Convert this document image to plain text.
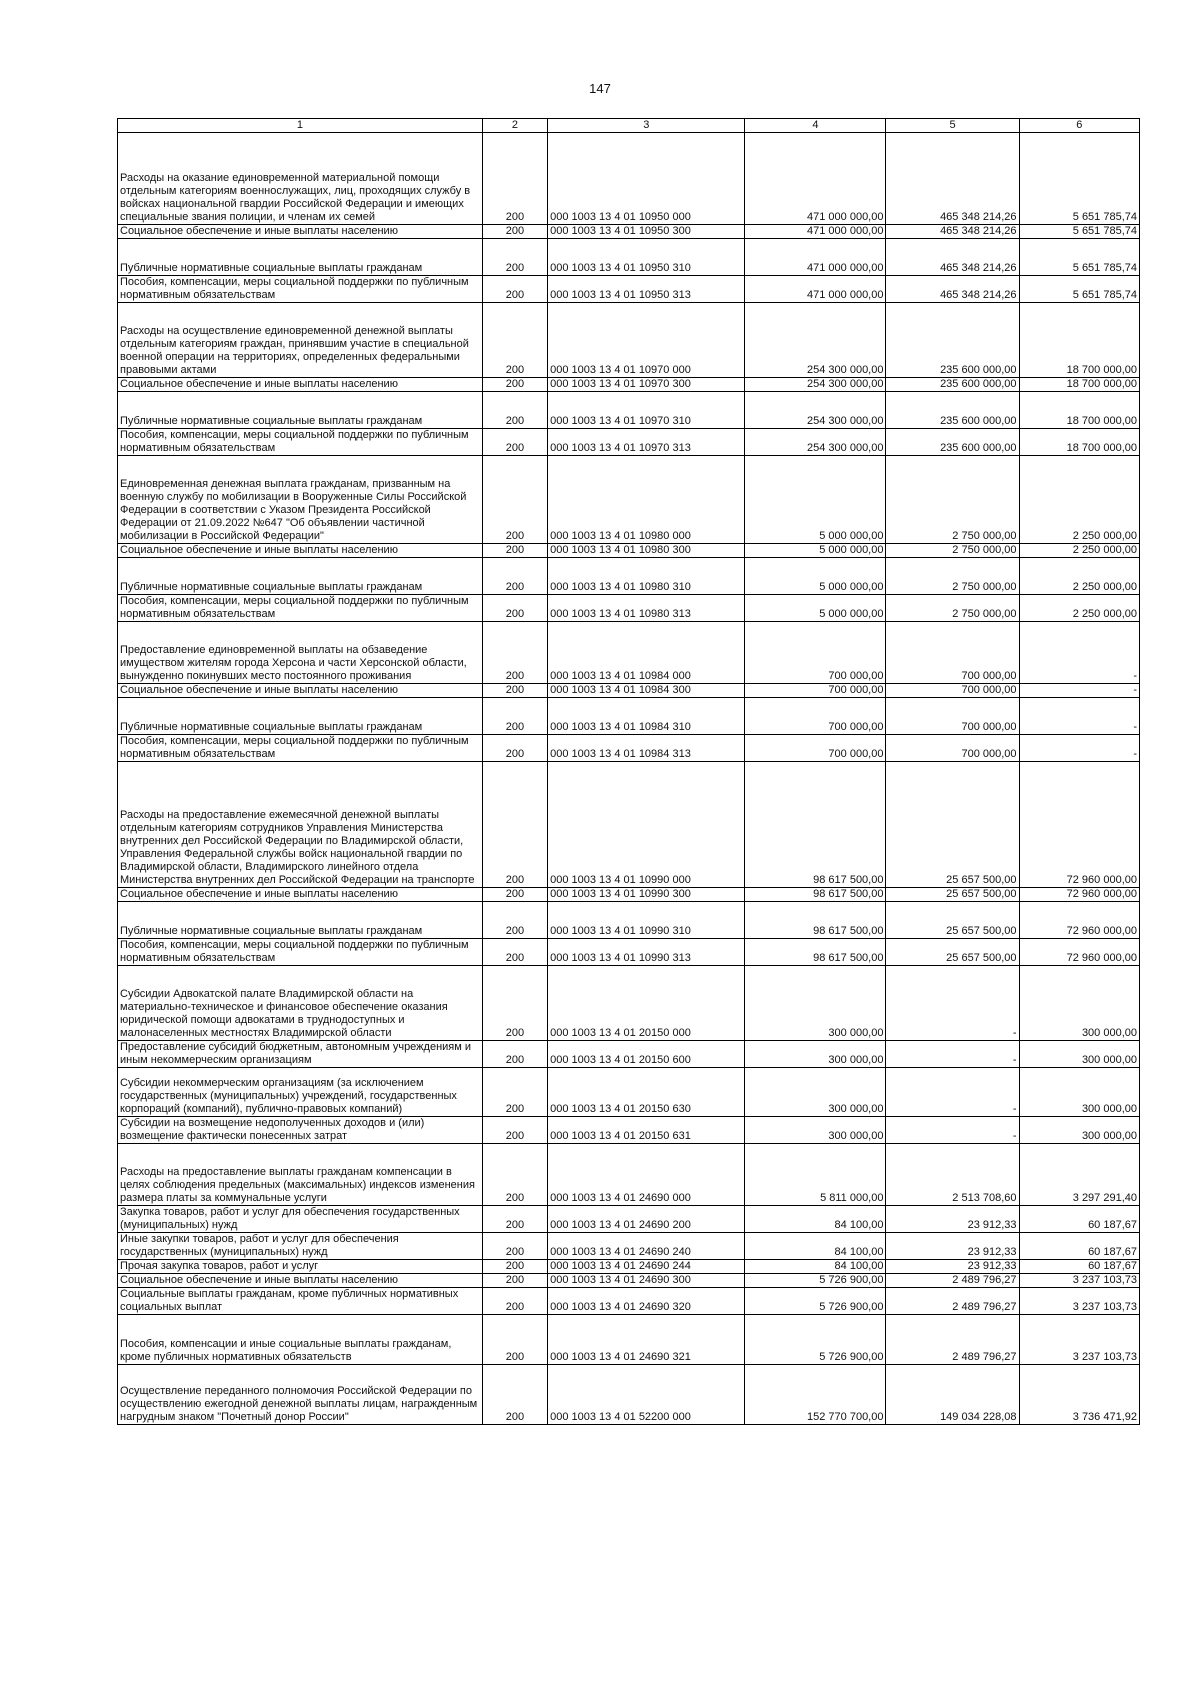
147
1	2	3	4	5	6
Расходы на оказание единовременной материальной помощи отдельным категориям военнослужащих, лиц, проходящих службу в войсках национальной гвардии Российской Федерации и имеющих специальные звания полиции, и членам их семей	200	000 1003 13 4 01 10950 000	471 000 000,00	465 348 214,26	5 651 785,74
Социальное обеспечение и иные выплаты населению	200	000 1003 13 4 01 10950 300	471 000 000,00	465 348 214,26	5 651 785,74
Публичные нормативные социальные выплаты гражданам	200	000 1003 13 4 01 10950 310	471 000 000,00	465 348 214,26	5 651 785,74
Пособия, компенсации, меры социальной поддержки по публичным нормативным обязательствам	200	000 1003 13 4 01 10950 313	471 000 000,00	465 348 214,26	5 651 785,74
Расходы на осуществление единовременной денежной выплаты отдельным категориям граждан, принявшим участие в специальной военной операции на территориях, определенных федеральными правовыми актами	200	000 1003 13 4 01 10970 000	254 300 000,00	235 600 000,00	18 700 000,00
Социальное обеспечение и иные выплаты населению	200	000 1003 13 4 01 10970 300	254 300 000,00	235 600 000,00	18 700 000,00
Публичные нормативные социальные выплаты гражданам	200	000 1003 13 4 01 10970 310	254 300 000,00	235 600 000,00	18 700 000,00
Пособия, компенсации, меры социальной поддержки по публичным нормативным обязательствам	200	000 1003 13 4 01 10970 313	254 300 000,00	235 600 000,00	18 700 000,00
Единовременная денежная выплата гражданам, призванным на военную службу по мобилизации в Вооруженные Силы Российской Федерации в соответствии с Указом Президента Российской Федерации от 21.09.2022 №647 "Об объявлении частичной мобилизации в Российской Федерации"	200	000 1003 13 4 01 10980 000	5 000 000,00	2 750 000,00	2 250 000,00
Социальное обеспечение и иные выплаты населению	200	000 1003 13 4 01 10980 300	5 000 000,00	2 750 000,00	2 250 000,00
Публичные нормативные социальные выплаты гражданам	200	000 1003 13 4 01 10980 310	5 000 000,00	2 750 000,00	2 250 000,00
Пособия, компенсации, меры социальной поддержки по публичным нормативным обязательствам	200	000 1003 13 4 01 10980 313	5 000 000,00	2 750 000,00	2 250 000,00
Предоставление единовременной выплаты на обзаведение имуществом жителям города Херсона и части Херсонской области, вынужденно покинувших место постоянного проживания	200	000 1003 13 4 01 10984 000	700 000,00	700 000,00	-
Социальное обеспечение и иные выплаты населению	200	000 1003 13 4 01 10984 300	700 000,00	700 000,00	-
Публичные нормативные социальные выплаты гражданам	200	000 1003 13 4 01 10984 310	700 000,00	700 000,00	-
Пособия, компенсации, меры социальной поддержки по публичным нормативным обязательствам	200	000 1003 13 4 01 10984 313	700 000,00	700 000,00	-
Расходы на предоставление ежемесячной денежной выплаты отдельным категориям сотрудников Управления Министерства внутренних дел Российской Федерации по Владимирской области, Управления Федеральной службы войск национальной гвардии по Владимирской области, Владимирского линейного отдела Министерства внутренних дел Российской Федерации на транспорте	200	000 1003 13 4 01 10990 000	98 617 500,00	25 657 500,00	72 960 000,00
Социальное обеспечение и иные выплаты населению	200	000 1003 13 4 01 10990 300	98 617 500,00	25 657 500,00	72 960 000,00
Публичные нормативные социальные выплаты гражданам	200	000 1003 13 4 01 10990 310	98 617 500,00	25 657 500,00	72 960 000,00
Пособия, компенсации, меры социальной поддержки по публичным нормативным обязательствам	200	000 1003 13 4 01 10990 313	98 617 500,00	25 657 500,00	72 960 000,00
Субсидии Адвокатской палате Владимирской области на материально-техническое и финансовое обеспечение оказания юридической помощи адвокатами в труднодоступных и малонаселенных местностях Владимирской области	200	000 1003 13 4 01 20150 000	300 000,00	-	300 000,00
Предоставление субсидий бюджетным, автономным учреждениям и иным некоммерческим организациям	200	000 1003 13 4 01 20150 600	300 000,00	-	300 000,00
Субсидии некоммерческим организациям (за исключением государственных (муниципальных) учреждений, государственных корпораций (компаний), публично-правовых компаний)	200	000 1003 13 4 01 20150 630	300 000,00	-	300 000,00
Субсидии на возмещение недополученных доходов и (или) возмещение фактически понесенных затрат	200	000 1003 13 4 01 20150 631	300 000,00	-	300 000,00
Расходы на предоставление выплаты гражданам компенсации в целях соблюдения предельных (максимальных) индексов изменения размера платы за коммунальные услуги	200	000 1003 13 4 01 24690 000	5 811 000,00	2 513 708,60	3 297 291,40
Закупка товаров, работ и услуг для обеспечения государственных (муниципальных) нужд	200	000 1003 13 4 01 24690 200	84 100,00	23 912,33	60 187,67
Иные закупки товаров, работ и услуг для обеспечения государственных (муниципальных) нужд	200	000 1003 13 4 01 24690 240	84 100,00	23 912,33	60 187,67
Прочая закупка товаров, работ и услуг	200	000 1003 13 4 01 24690 244	84 100,00	23 912,33	60 187,67
Социальное обеспечение и иные выплаты населению	200	000 1003 13 4 01 24690 300	5 726 900,00	2 489 796,27	3 237 103,73
Социальные выплаты гражданам, кроме публичных нормативных социальных выплат	200	000 1003 13 4 01 24690 320	5 726 900,00	2 489 796,27	3 237 103,73
Пособия, компенсации и иные социальные выплаты гражданам, кроме публичных нормативных обязательств	200	000 1003 13 4 01 24690 321	5 726 900,00	2 489 796,27	3 237 103,73
Осуществление переданного полномочия Российской Федерации по осуществлению ежегодной денежной выплаты лицам, награжденным нагрудным знаком "Почетный донор России"	200	000 1003 13 4 01 52200 000	152 770 700,00	149 034 228,08	3 736 471,92
